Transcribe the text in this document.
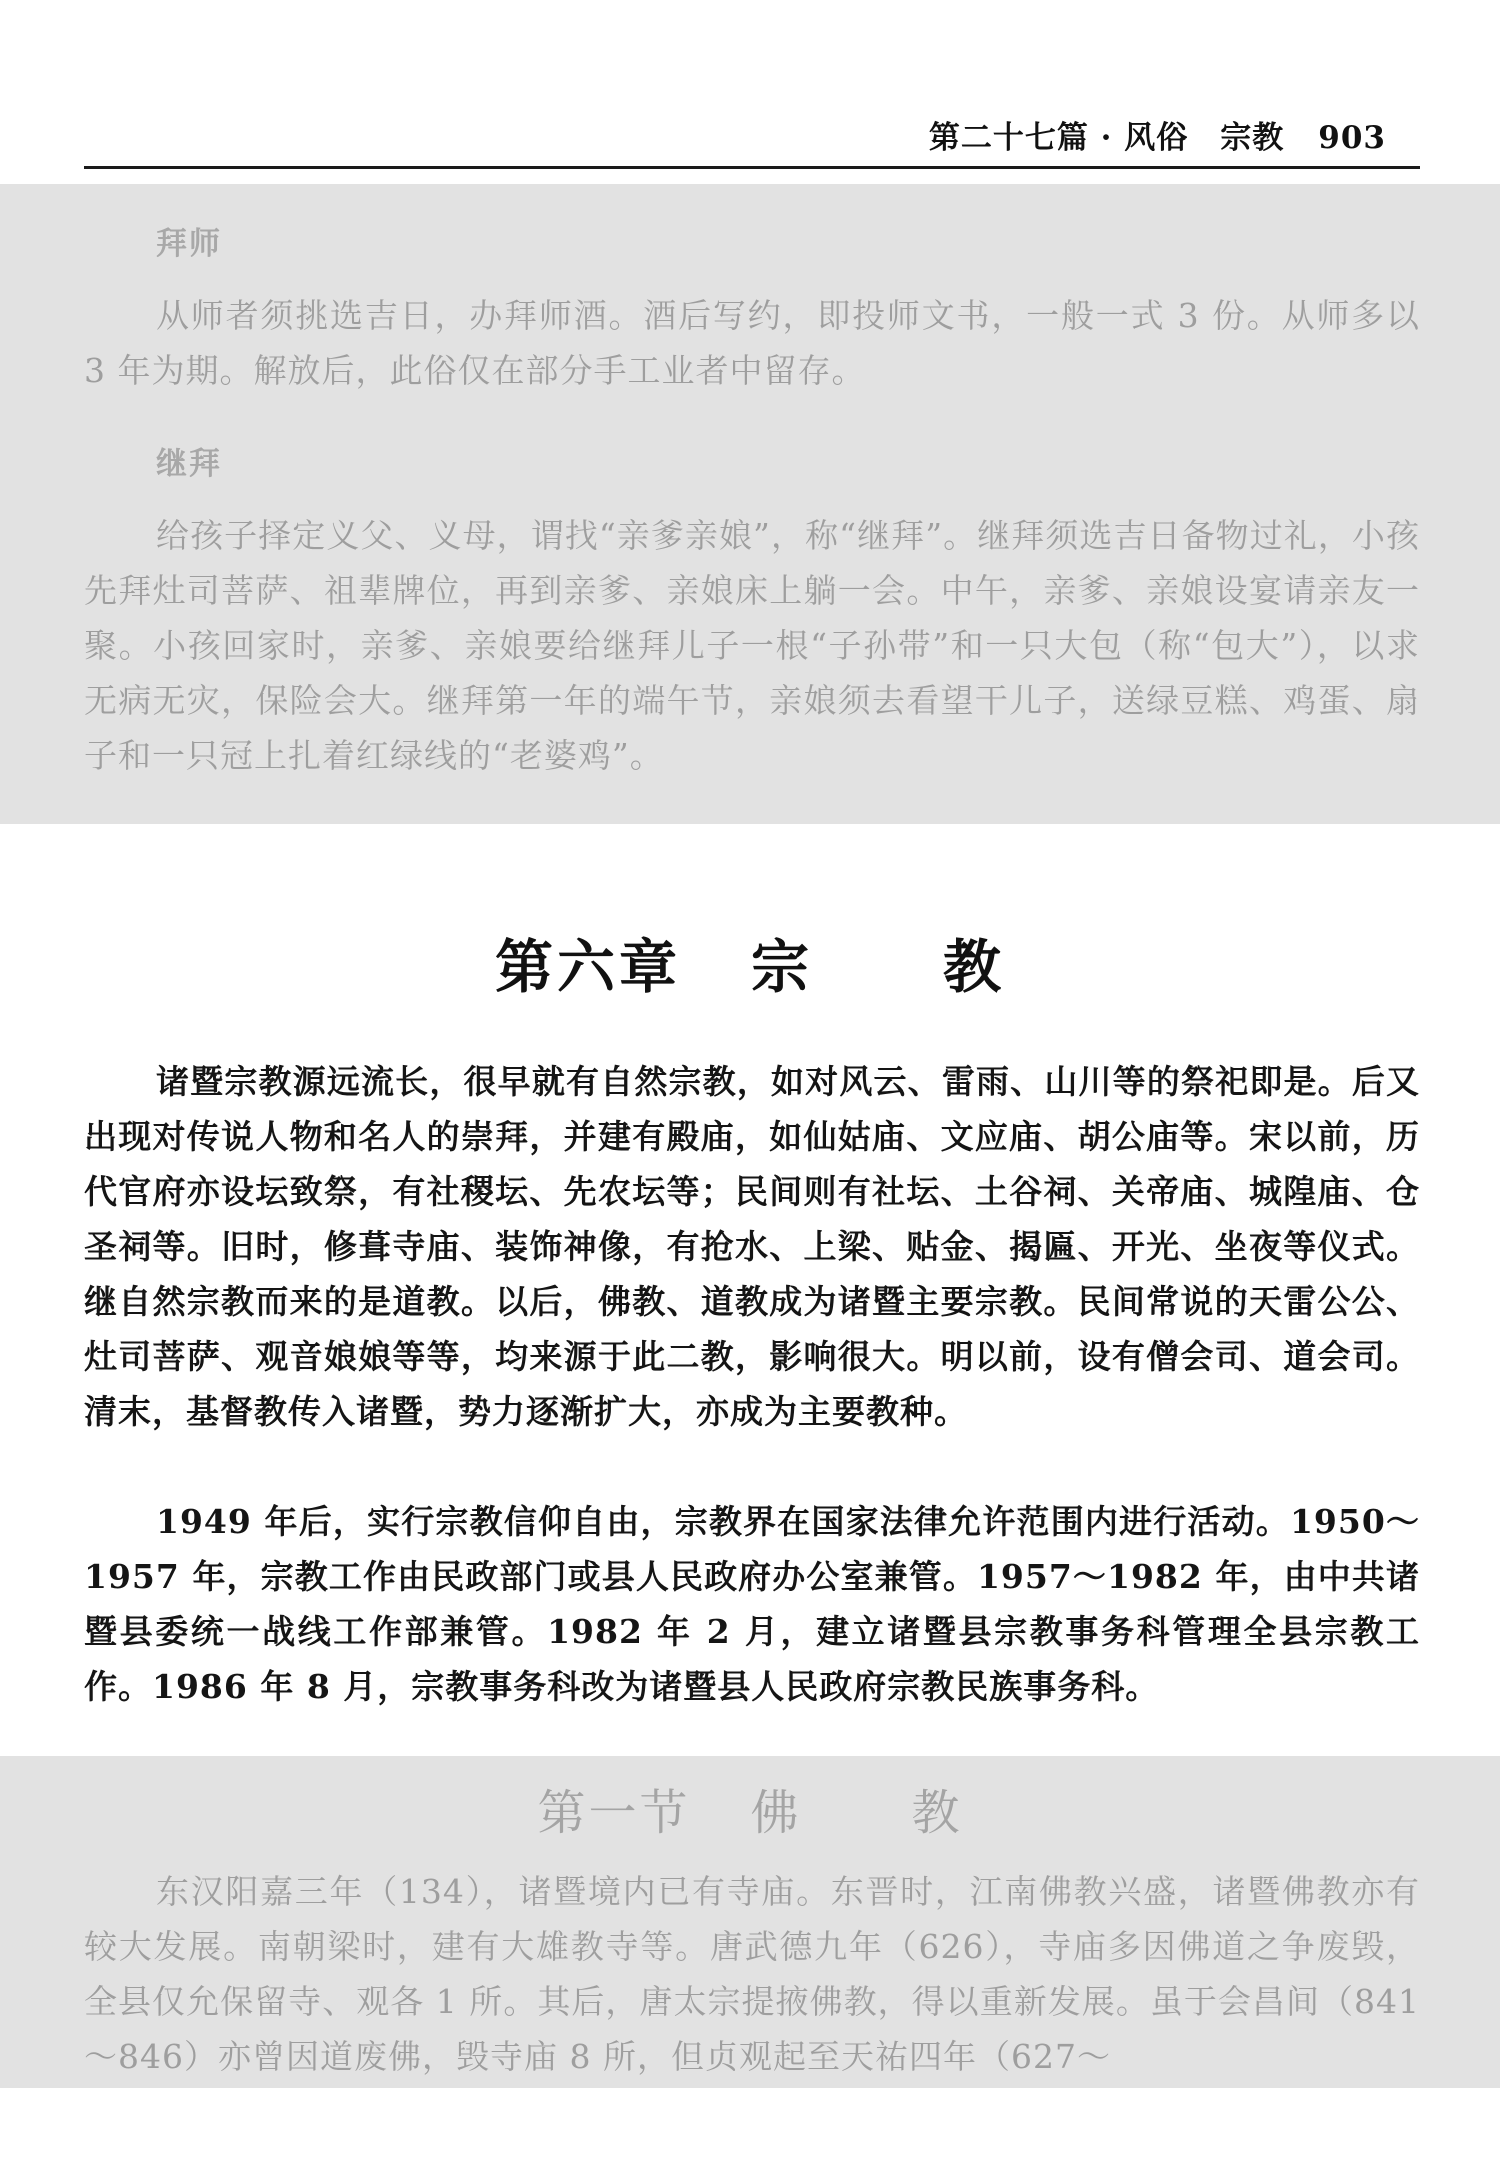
第二十七篇 · 风俗　宗教 903
拜师
从师者须挑选吉日，办拜师酒。酒后写约，即投师文书，一般一式 3 份。从师多以 3 年为期。解放后，此俗仅在部分手工业者中留存。
继拜
给孩子择定义父、义母，谓找“亲爹亲娘”，称“继拜”。继拜须选吉日备物过礼，小孩先拜灶司菩萨、祖辈牌位，再到亲爹、亲娘床上躺一会。中午，亲爹、亲娘设宴请亲友一聚。小孩回家时，亲爹、亲娘要给继拜儿子一根“子孙带”和一只大包（称“包大”），以求无病无灾，保险会大。继拜第一年的端午节，亲娘须去看望干儿子，送绿豆糕、鸡蛋、扇子和一只冠上扎着红绿线的“老婆鸡”。
第六章 宗 教
诸暨宗教源远流长，很早就有自然宗教，如对风云、雷雨、山川等的祭祀即是。后又出现对传说人物和名人的崇拜，并建有殿庙，如仙姑庙、文应庙、胡公庙等。宋以前，历代官府亦设坛致祭，有社稷坛、先农坛等；民间则有社坛、土谷祠、关帝庙、城隍庙、仓圣祠等。旧时，修葺寺庙、装饰神像，有抢水、上梁、贴金、揭匾、开光、坐夜等仪式。继自然宗教而来的是道教。以后，佛教、道教成为诸暨主要宗教。民间常说的天雷公公、灶司菩萨、观音娘娘等等，均来源于此二教，影响很大。明以前，设有僧会司、道会司。清末，基督教传入诸暨，势力逐渐扩大，亦成为主要教种。
1949 年后，实行宗教信仰自由，宗教界在国家法律允许范围内进行活动。1950～1957 年，宗教工作由民政部门或县人民政府办公室兼管。1957～1982 年，由中共诸暨县委统一战线工作部兼管。1982 年 2 月，建立诸暨县宗教事务科管理全县宗教工作。1986 年 8 月，宗教事务科改为诸暨县人民政府宗教民族事务科。
第一节 佛 教
东汉阳嘉三年（134），诸暨境内已有寺庙。东晋时，江南佛教兴盛，诸暨佛教亦有较大发展。南朝梁时，建有大雄教寺等。唐武德九年（626），寺庙多因佛道之争废毁，全县仅允保留寺、观各 1 所。其后，唐太宗提掖佛教，得以重新发展。虽于会昌间（841～846）亦曾因道废佛，毁寺庙 8 所，但贞观起至天祐四年（627～
